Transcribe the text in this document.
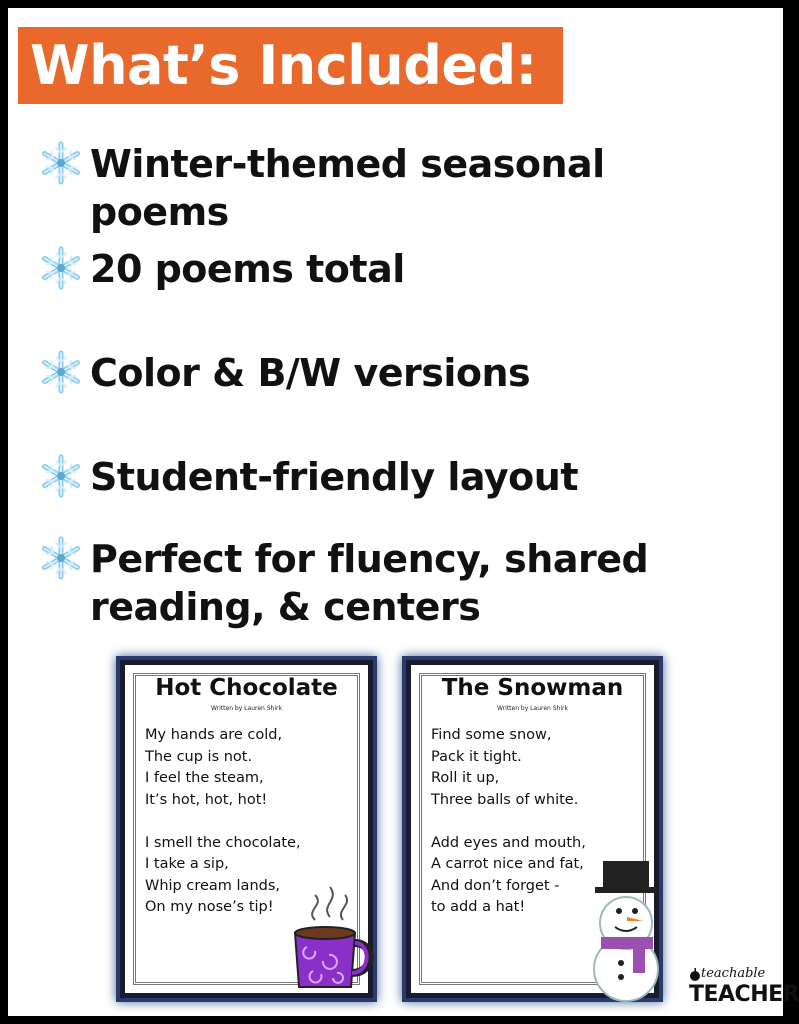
What’s Included:
Winter-themed seasonal poems
20 poems total
Color & B/W versions
Student-friendly layout
Perfect for fluency, shared reading, & centers
Hot Chocolate
Written by Lauren Shirk
My hands are cold,
The cup is not.
I feel the steam,
It’s hot, hot, hot!
I smell the chocolate,
I take a sip,
Whip cream lands,
On my nose’s tip!
The Snowman
Written by Lauren Shirk
Find some snow,
Pack it tight.
Roll it up,
Three balls of white.
Add eyes and mouth,
A carrot nice and fat,
And don’t forget -
to add a hat!
teachable
TEACHER
